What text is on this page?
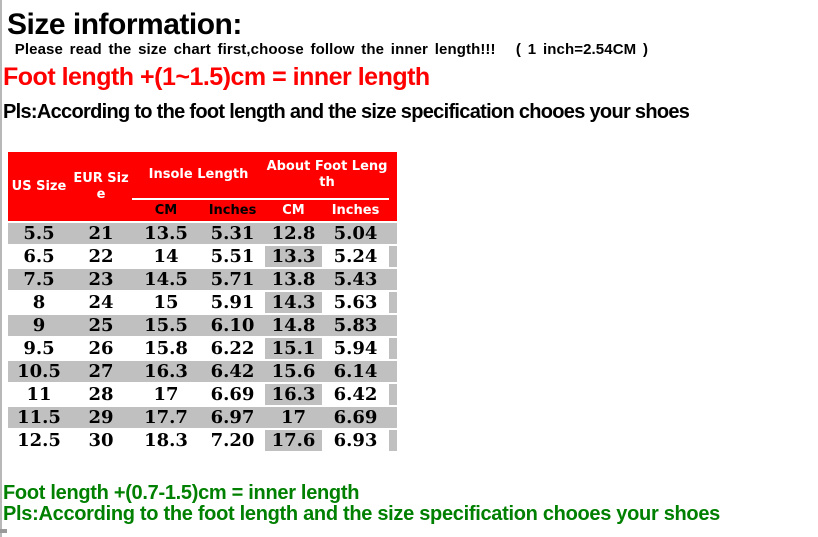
Size information:
Please read the size chart first,choose follow the inner length!!!   ( 1 inch=2.54CM )
Foot length +(1~1.5)cm = inner length
Pls:According to the foot length and the size specification chooes your shoes
US Size	EUR Size	Insole Length		About Foot Length		
		CM	Inches	CM	Inches	
5.5	21	13.5	5.31	12.8	5.04	
6.5	22	14	5.51	13.3	5.24	
7.5	23	14.5	5.71	13.8	5.43	
8	24	15	5.91	14.3	5.63	
9	25	15.5	6.10	14.8	5.83	
9.5	26	15.8	6.22	15.1	5.94	
10.5	27	16.3	6.42	15.6	6.14	
11	28	17	6.69	16.3	6.42	
11.5	29	17.7	6.97	17	6.69	
12.5	30	18.3	7.20	17.6	6.93	
Foot length +(0.7-1.5)cm = inner length
Pls:According to the foot length and the size specification chooes your shoes
